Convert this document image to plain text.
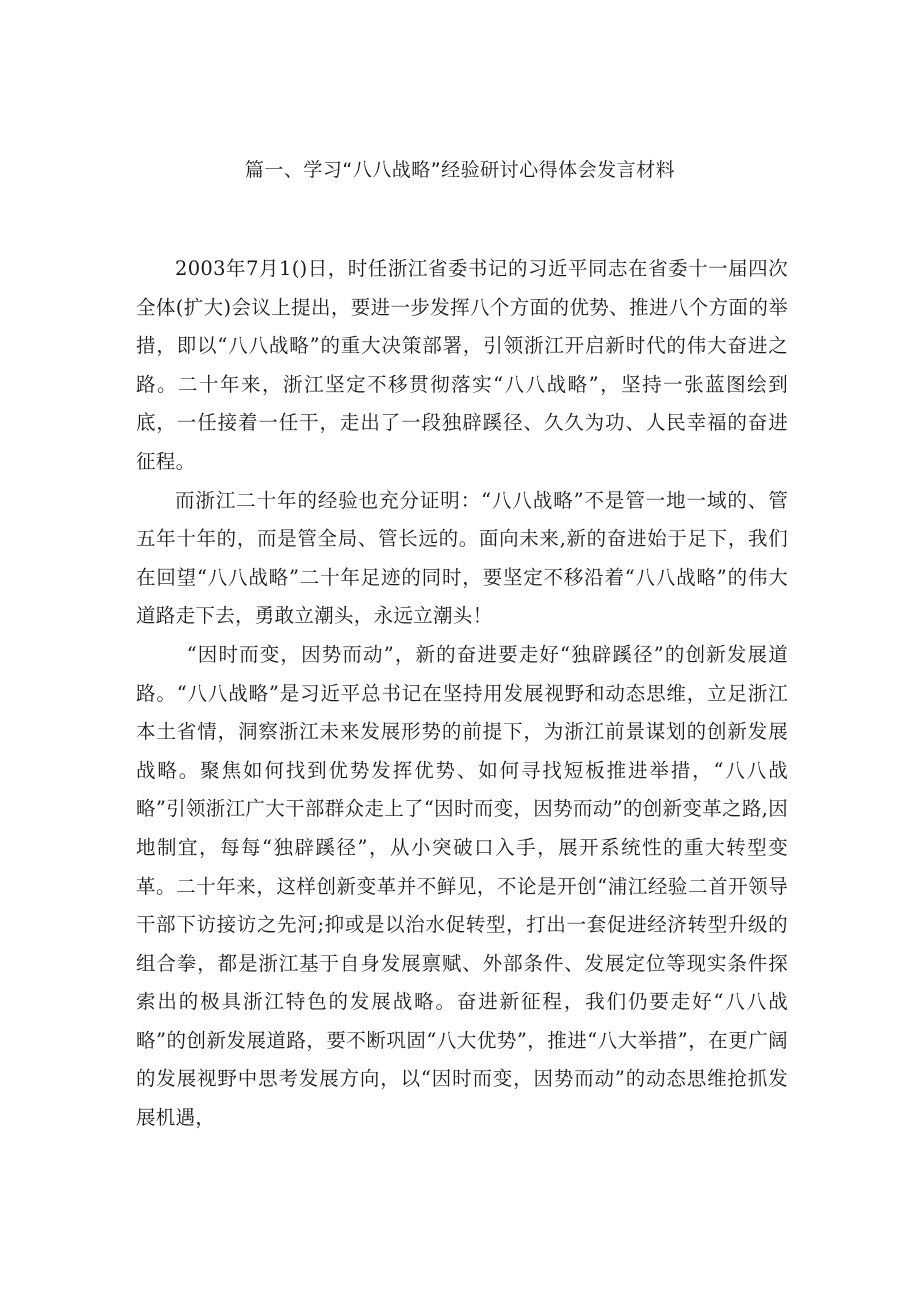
篇一、学习“八八战略”经验研讨心得体会发言材料

2003年7月1()日，时任浙江省委书记的习近平同志在省委十一届四次全体(扩大)会议上提出，要进一步发挥八个方面的优势、推进八个方面的举措，即以“八八战略”的重大决策部署，引领浙江开启新时代的伟大奋进之路。二十年来，浙江坚定不移贯彻落实“八八战略”，坚持一张蓝图绘到底，一任接着一任干，走出了一段独辟蹊径、久久为功、人民幸福的奋进征程。

而浙江二十年的经验也充分证明：“八八战略”不是管一地一域的、管五年十年的，而是管全局、管长远的。面向未来,新的奋进始于足下，我们在回望“八八战略”二十年足迹的同时，要坚定不移沿着“八八战略”的伟大道路走下去，勇敢立潮头，永远立潮头！

“因时而变，因势而动”，新的奋进要走好“独辟蹊径”的创新发展道路。“八八战略”是习近平总书记在坚持用发展视野和动态思维，立足浙江本土省情，洞察浙江未来发展形势的前提下，为浙江前景谋划的创新发展战略。聚焦如何找到优势发挥优势、如何寻找短板推进举措，“八八战略”引领浙江广大干部群众走上了“因时而变，因势而动”的创新变革之路,因地制宜，每每“独辟蹊径”，从小突破口入手，展开系统性的重大转型变革。二十年来，这样创新变革并不鲜见，不论是开创“浦江经验二首开领导干部下访接访之先河;抑或是以治水促转型，打出一套促进经济转型升级的组合拳，都是浙江基于自身发展禀赋、外部条件、发展定位等现实条件探索出的极具浙江特色的发展战略。奋进新征程，我们仍要走好“八八战略”的创新发展道路，要不断巩固“八大优势”，推进“八大举措”，在更广阔的发展视野中思考发展方向，以“因时而变，因势而动”的动态思维抢抓发展机遇，
